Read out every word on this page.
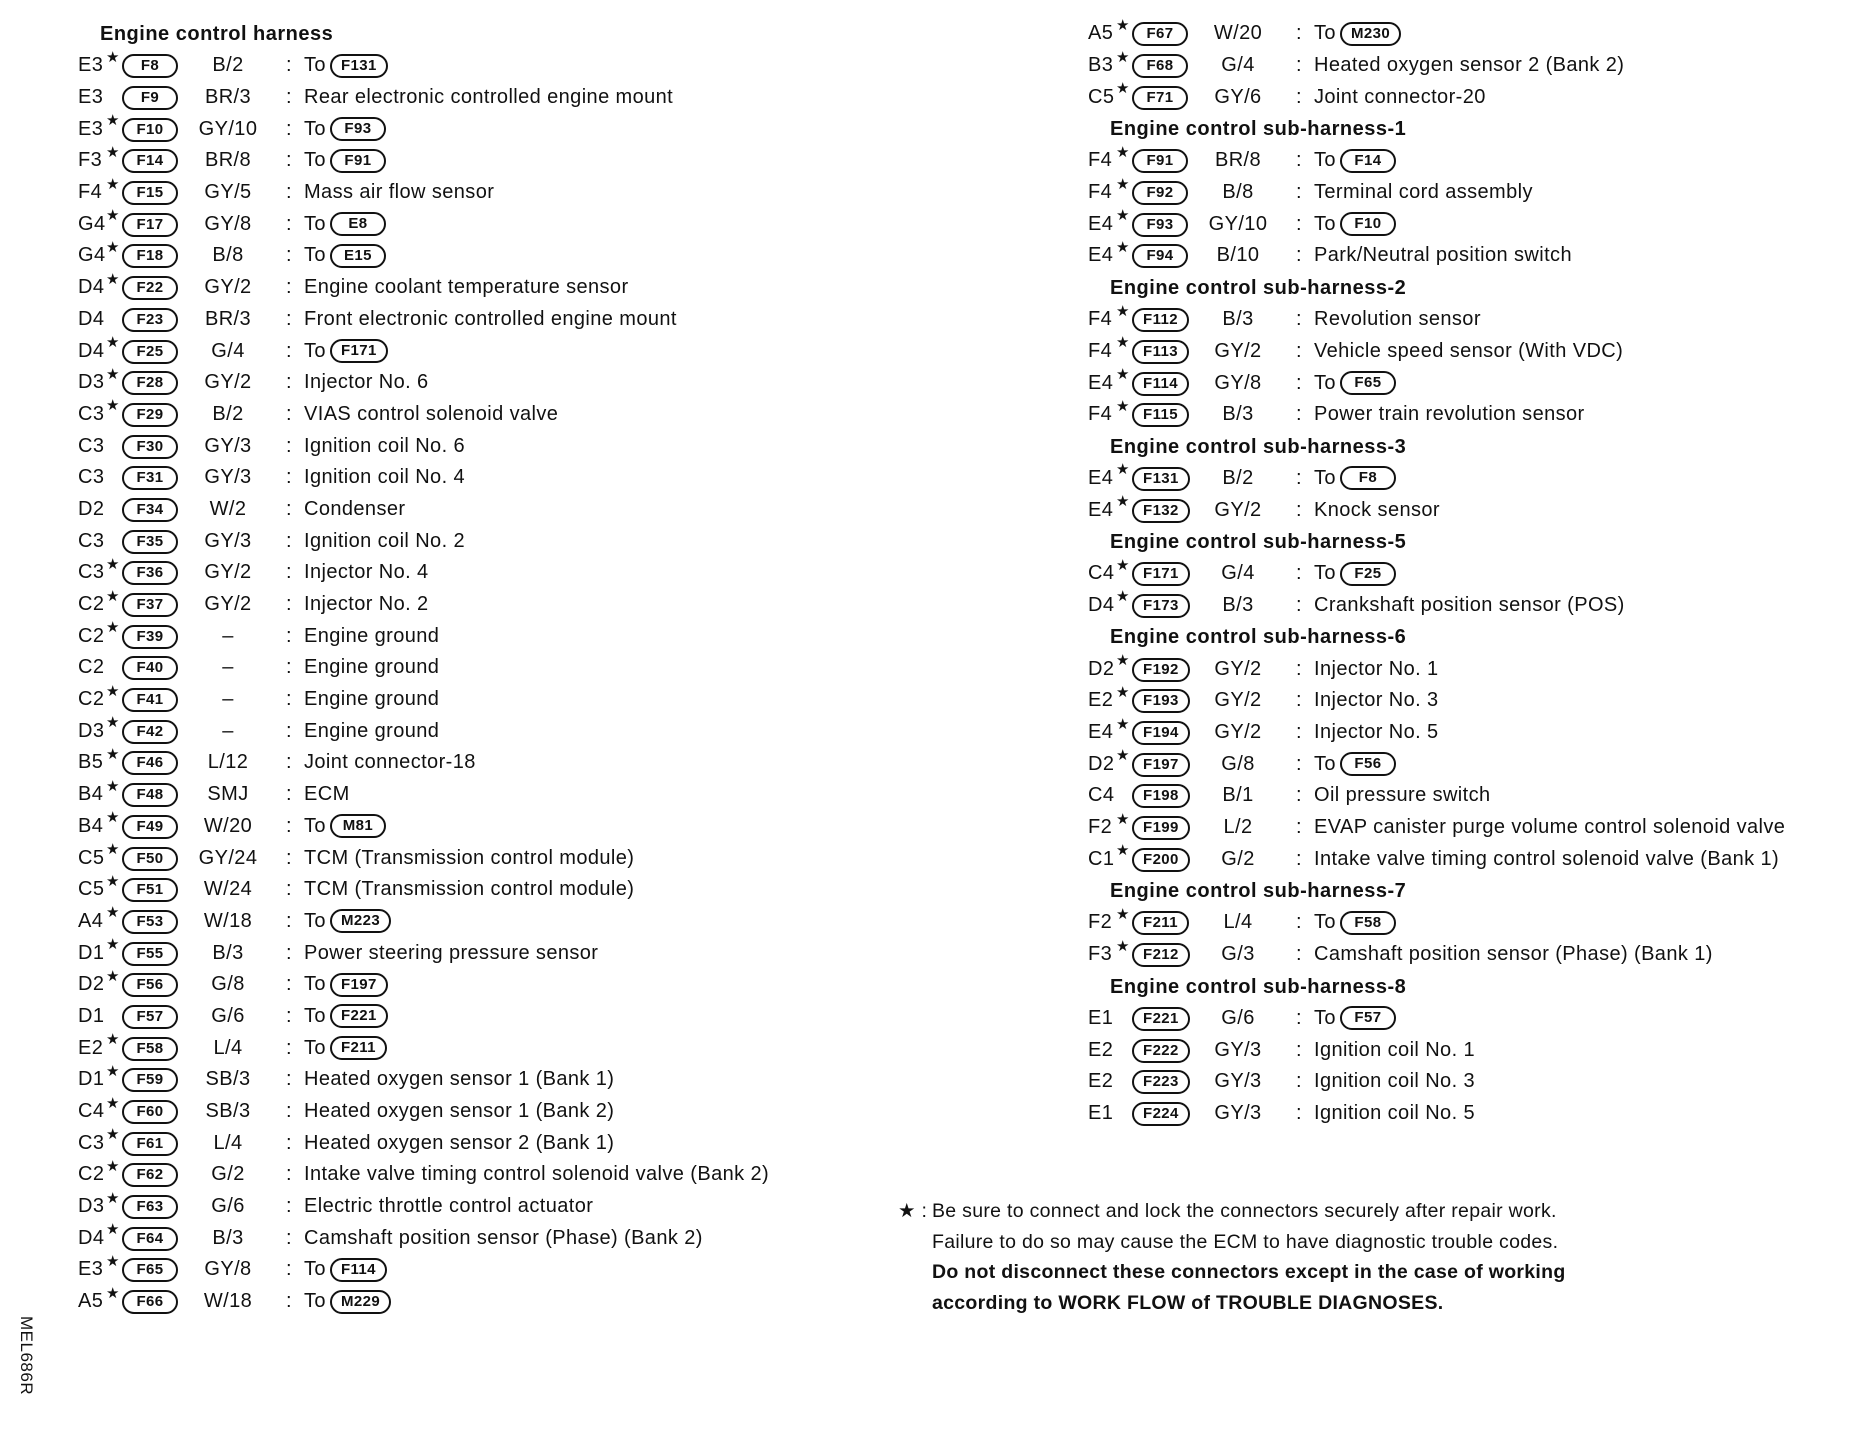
Engine control harness
E3 ★	F8	B/2	: To	F131
E3	F9	BR/3	: Rear electronic controlled engine mount
E3 ★	F10	GY/10	: To	F93
F3 ★	F14	BR/8	: To	F91
F4 ★	F15	GY/5	: Mass air flow sensor
G4 ★	F17	GY/8	: To	E8
G4 ★	F18	B/8	: To	E15
D4 ★	F22	GY/2	: Engine coolant temperature sensor
D4	F23	BR/3	: Front electronic controlled engine mount
D4 ★	F25	G/4	: To	F171
D3 ★	F28	GY/2	: Injector No. 6
C3 ★	F29	B/2	: VIAS control solenoid valve
C3	F30	GY/3	: Ignition coil No. 6
C3	F31	GY/3	: Ignition coil No. 4
D2	F34	W/2	: Condenser
C3	F35	GY/3	: Ignition coil No. 2
C3 ★	F36	GY/2	: Injector No. 4
C2 ★	F37	GY/2	: Injector No. 2
C2 ★	F39	–	: Engine ground
C2	F40	–	: Engine ground
C2 ★	F41	–	: Engine ground
D3 ★	F42	–	: Engine ground
B5 ★	F46	L/12	: Joint connector-18
B4 ★	F48	SMJ	: ECM
B4 ★	F49	W/20	: To	M81
C5 ★	F50	GY/24	: TCM (Transmission control module)
C5 ★	F51	W/24	: TCM (Transmission control module)
A4 ★	F53	W/18	: To	M223
D1 ★	F55	B/3	: Power steering pressure sensor
D2 ★	F56	G/8	: To	F197
D1	F57	G/6	: To	F221
E2 ★	F58	L/4	: To	F211
D1 ★	F59	SB/3	: Heated oxygen sensor 1 (Bank 1)
C4 ★	F60	SB/3	: Heated oxygen sensor 1 (Bank 2)
C3 ★	F61	L/4	: Heated oxygen sensor 2 (Bank 1)
C2 ★	F62	G/2	: Intake valve timing control solenoid valve (Bank 2)
D3 ★	F63	G/6	: Electric throttle control actuator
D4 ★	F64	B/3	: Camshaft position sensor (Phase) (Bank 2)
E3 ★	F65	GY/8	: To	F114
A5 ★	F66	W/18	: To	M229
A5 ★	F67	W/20	: To	M230
B3 ★	F68	G/4	: Heated oxygen sensor 2 (Bank 2)
C5 ★	F71	GY/6	: Joint connector-20
Engine control sub-harness-1
F4 ★	F91	BR/8	: To	F14
F4 ★	F92	B/8	: Terminal cord assembly
E4 ★	F93	GY/10	: To	F10
E4 ★	F94	B/10	: Park/Neutral position switch
Engine control sub-harness-2
F4 ★ F112	B/3	: Revolution sensor
F4 ★ F113	GY/2	: Vehicle speed sensor (With VDC)
E4 ★ F114	GY/8	: To	F65
F4 ★ F115	B/3	: Power train revolution sensor
Engine control sub-harness-3
E4 ★ F131	B/2	: To	F8
E4 ★ F132	GY/2	: Knock sensor
Engine control sub-harness-5
C4 ★ F171	G/4	: To	F25
D4 ★ F173	B/3	: Crankshaft position sensor (POS)
Engine control sub-harness-6
D2 ★ F192	GY/2	: Injector No. 1
E2 ★ F193	GY/2	: Injector No. 3
E4 ★ F194	GY/2	: Injector No. 5
D2 ★ F197	G/8	: To	F56
C4	F198	B/1	: Oil pressure switch
F2 ★ F199	L/2	: EVAP canister purge volume control solenoid valve
C1 ★ F200	G/2	: Intake valve timing control solenoid valve (Bank 1)
Engine control sub-harness-7
F2 ★ F211	L/4	: To	F58
F3 ★ F212	G/3	: Camshaft position sensor (Phase) (Bank 1)
Engine control sub-harness-8
E1	F221	G/6	: To	F57
E2	F222	GY/3	: Ignition coil No. 1
E2	F223	GY/3	: Ignition coil No. 3
E1	F224	GY/3	: Ignition coil No. 5
★ : Be sure to connect and lock the connectors securely after repair work.
Failure to do so may cause the ECM to have diagnostic trouble codes.
Do not disconnect these connectors except in the case of working
according to WORK FLOW of TROUBLE DIAGNOSES.
MEL686R
